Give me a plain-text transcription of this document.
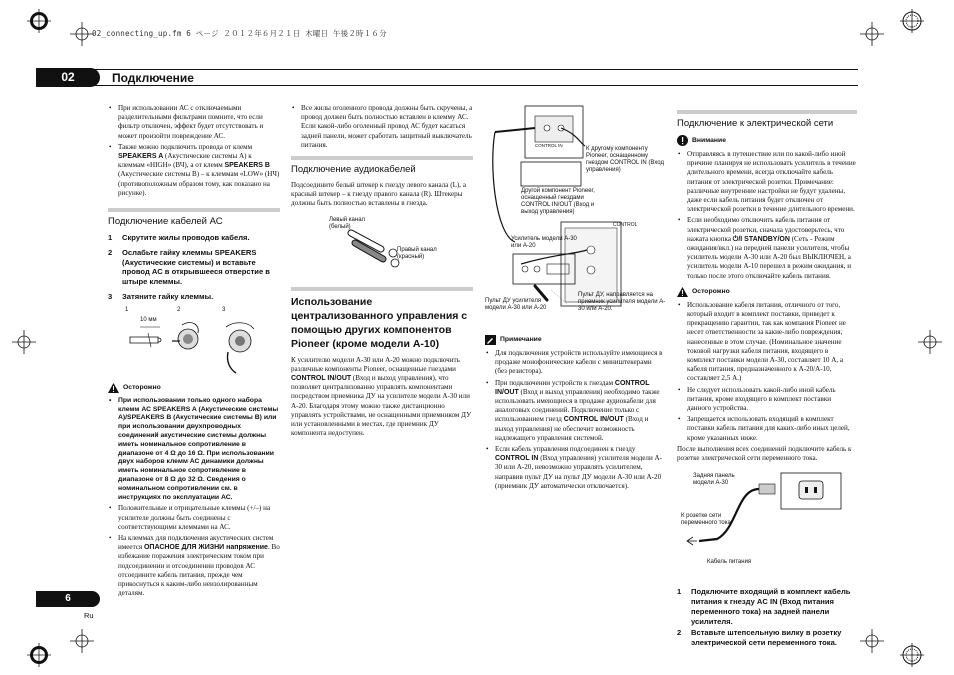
02_connecting_up.fm 6 ページ ２０１２年６月２１日 木曜日 午後２時１６分
02	Подключение
• При использовании АС с отключаемыми разделительными фильтрами помните, что если фильтр отключен, эффект будет отсутствовать и может произойти повреждение АС.
• Также можно подключить провода от клемм SPEAKERS A (Акустические системы А) к клеммам «HIGH» (ВЧ), а от клемм SPEAKERS B (Акустические системы В) – к клеммам «LOW» (НЧ) (противоположным образом тому, как показано на рисунке).
Подключение кабелей АС
1	Скрутите жилы проводов кабеля.
2	Ослабьте гайку клеммы SPEAKERS (Акустические системы) и вставьте провод АС в открывшееся отверстие в штыре клеммы.
3	Затяните гайку клеммы.
1	2	3
10 мм
Осторожно
• При использовании только одного набора клемм АС SPEAKERS A (Акустические системы A)/SPEAKERS B (Акустические системы B) или при использовании двухпроводных соединений акустические системы должны иметь номинальное сопротивление в диапазоне от 4 Ω до 16 Ω. При использовании двух наборов клемм АС динамики должны иметь номинальное сопротивление в диапазоне от 8 Ω до 32 Ω. Сведения о номинальном сопротивлении см. в инструкциях по эксплуатации АС.
• Положительные и отрицательные клеммы (+/–) на усилителе должны быть соединены с соответствующими клеммами на АС.
• На клеммах для подключения акустических систем имеется ОПАСНОЕ ДЛЯ ЖИЗНИ напряжение. Во избежание поражения электрическим током при подсоединении и отсоединении проводов АС отсоедините кабель питания, прежде чем прикоснуться к каким-либо неизолированным деталям.
• Все жилы оголенного провода должны быть скручены, а провод должен быть полностью вставлен в клемму АС. Если какой-либо оголенный провод АС будет касаться задней панели, может сработать защитный выключатель питания.
Подключение аудиокабелей
Подсоедините белый штекер к гнезду левого канала (L), а красный штекер – к гнезду правого канала (R). Штекеры должны быть полностью вставлены в гнезда.
Левый канал (белый)
Правый канал (красный)
Использование централизованного управления с помощью других компонентов Pioneer (кроме модели A-10)
К усилителю модели A-30 или A-20 можно подключить различные компоненты Pioneer, оснащенные гнездами CONTROL IN/OUT (Вход и выход управления), что позволяет централизованно управлять компонентами посредством приемника ДУ на усилителе модели A-30 или A-20. Благодаря этому можно также дистанционно управлять устройствами, не оснащенными приемником ДУ или установленными в местах, где приемник ДУ компонента недоступен.
CONTROL IN
К другому компоненту Pioneer, оснащенному гнездом CONTROL IN (Вход управления)
Другой компонент Pioneer, оснащенный гнездами CONTROL IN/OUT (Вход и выход управления)
CONTROL
Усилитель модели A-30 или A-20
Пульт ДУ усилителя модели A-30 или A-20
Пульт ДУ, направляется на приемник усилителя модели A-30 или A-20.
Примечание
• Для подключения устройств используйте имеющиеся в продаже монофонические кабели с миништекерами (без резистора).
• При подключении устройств к гнездам CONTROL IN/OUT (Вход и выход управления) необходимо также использовать имеющиеся в продаже аудиокабели для аналоговых соединений. Подключение только с использованием гнезд CONTROL IN/OUT (Вход и выход управления) не обеспечит возможность надлежащего управления системой.
• Если кабель управления подсоединен к гнезду CONTROL IN (Вход управления) усилителя модели A-30 или A-20, невозможно управлять усилителем, направив пульт ДУ на пульт ДУ модели A-30 или A-20 (приемник ДУ автоматически отключается).
Подключение к электрической сети
Внимание
• Отправляясь в путешествие или по какой-либо иной причине планируя не использовать усилитель в течение длительного времени, всегда отключайте кабель питания от электрической розетки. Примечание: различные внутренние настройки не будут удалены, даже если кабель питания будет отключен от электрической розетки в течение длительного времени.
• Если необходимо отключить кабель питания от электрической розетки, сначала удостоверьтесь, что нажата кнопка ⏻/I STANDBY/ON (Сеть - Режим ожидания/вкл.) на передней панели усилителя, чтобы усилитель модели A-30 или A-20 был ВЫКЛЮЧЕН, а усилитель модели A-10 перешел в режим ожидания, и только после этого отключайте кабель питания.
Осторожно
• Использование кабеля питания, отличного от того, который входит в комплект поставки, приведет к прекращению гарантии, так как компания Pioneer не несет ответственности за какие-либо повреждения, нанесенные в этом случае. (Номинальное значение токовой нагрузки кабеля питания, входящего в комплект поставки модели A-30, составляет 10 А, а кабеля питания, предназначенного к A-20/A-10, составляет 2,5 А.)
• Не следует использовать какой-либо иной кабель питания, кроме входящего в комплект поставки данного устройства.
• Запрещается использовать входящий в комплект поставки кабель питания для каких-либо иных целей, кроме указанных ниже.
После выполнения всех соединений подключите кабель к розетке электрической сети переменного тока.
Задняя панель модели A-30
К розетке сети переменного тока
Кабель питания
1	Подключите входящий в комплект кабель питания к гнезду AC IN (Вход питания переменного тока) на задней панели усилителя.
2	Вставьте штепсельную вилку в розетку электрической сети переменного тока.
6
Ru
